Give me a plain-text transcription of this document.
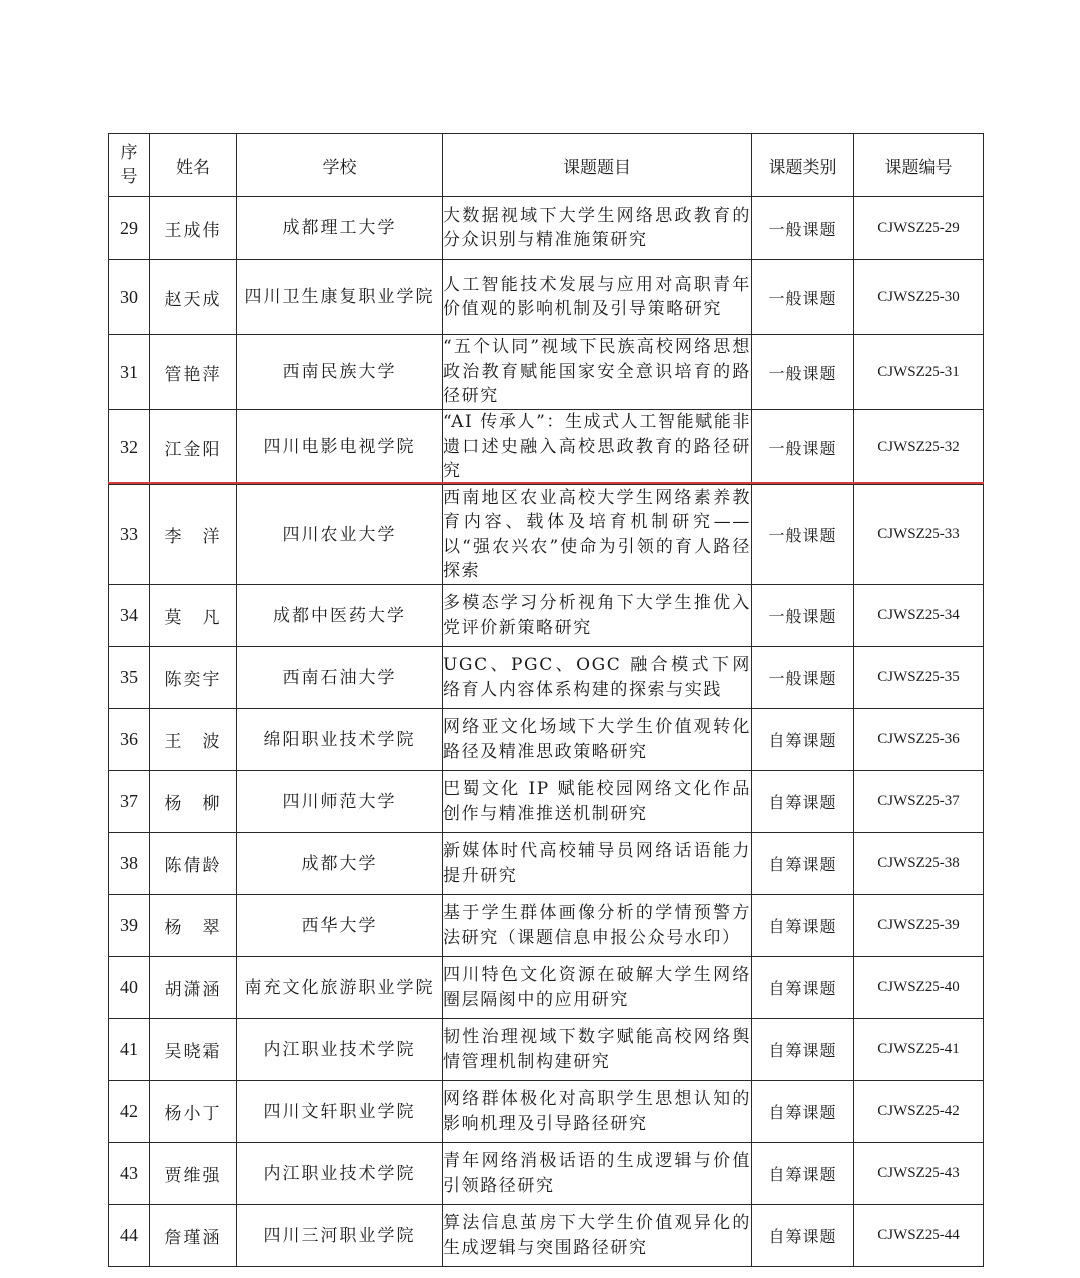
序号	姓名	学校	课题题目	课题类别	课题编号
29	王成伟	成都理工大学	大数据视域下大学生网络思政教育的分众识别与精准施策研究	一般课题	CJWSZ25-29
30	赵天成	四川卫生康复职业学院	人工智能技术发展与应用对高职青年价值观的影响机制及引导策略研究	一般课题	CJWSZ25-30
31	管艳萍	西南民族大学	“五个认同”视域下民族高校网络思想政治教育赋能国家安全意识培育的路径研究	一般课题	CJWSZ25-31
32	江金阳	四川电影电视学院	“AI 传承人”：生成式人工智能赋能非遗口述史融入高校思政教育的路径研究	一般课题	CJWSZ25-32
33	李　洋	四川农业大学	西南地区农业高校大学生网络素养教育内容、载体及培育机制研究——以“强农兴农”使命为引领的育人路径探索	一般课题	CJWSZ25-33
34	莫　凡	成都中医药大学	多模态学习分析视角下大学生推优入党评价新策略研究	一般课题	CJWSZ25-34
35	陈奕宇	西南石油大学	UGC、PGC、OGC 融合模式下网络育人内容体系构建的探索与实践	一般课题	CJWSZ25-35
36	王　波	绵阳职业技术学院	网络亚文化场域下大学生价值观转化路径及精准思政策略研究	自筹课题	CJWSZ25-36
37	杨　柳	四川师范大学	巴蜀文化 IP 赋能校园网络文化作品创作与精准推送机制研究	自筹课题	CJWSZ25-37
38	陈倩龄	成都大学	新媒体时代高校辅导员网络话语能力提升研究	自筹课题	CJWSZ25-38
39	杨　翠	西华大学	基于学生群体画像分析的学情预警方法研究（课题信息申报公众号水印）	自筹课题	CJWSZ25-39
40	胡潇涵	南充文化旅游职业学院	四川特色文化资源在破解大学生网络圈层隔阂中的应用研究	自筹课题	CJWSZ25-40
41	吴晓霜	内江职业技术学院	韧性治理视域下数字赋能高校网络舆情管理机制构建研究	自筹课题	CJWSZ25-41
42	杨小丁	四川文轩职业学院	网络群体极化对高职学生思想认知的影响机理及引导路径研究	自筹课题	CJWSZ25-42
43	贾维强	内江职业技术学院	青年网络消极话语的生成逻辑与价值引领路径研究	自筹课题	CJWSZ25-43
44	詹瑾涵	四川三河职业学院	算法信息茧房下大学生价值观异化的生成逻辑与突围路径研究	自筹课题	CJWSZ25-44
